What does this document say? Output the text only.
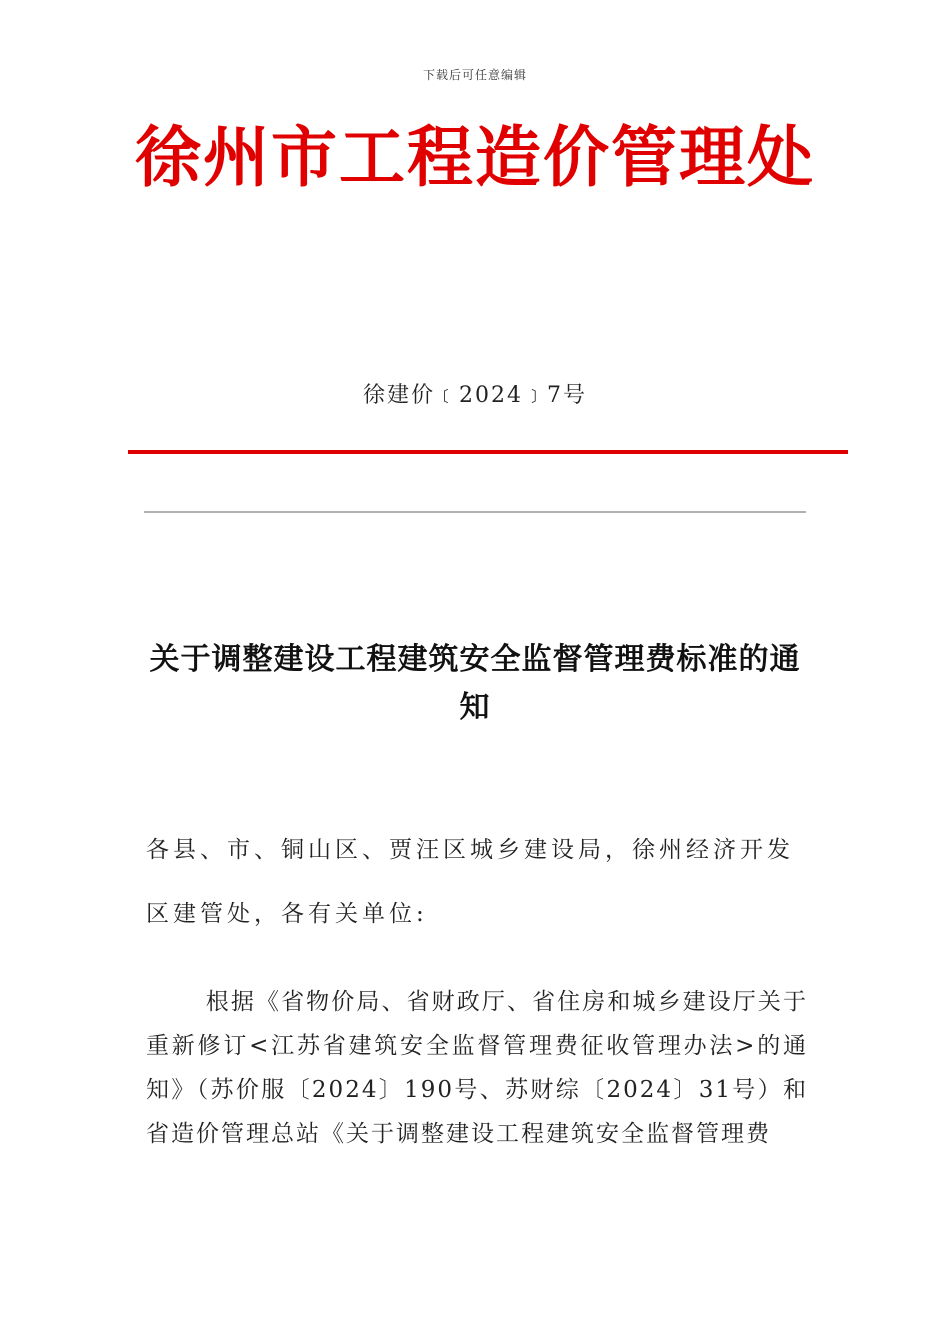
下载后可任意编辑
徐州市工程造价管理处
徐建价﹝2024﹞7号
关于调整建设工程建筑安全监督管理费标准的通知
各县、市、铜山区、贾汪区城乡建设局，徐州经济开发区建管处，各有关单位:
根据《省物价局、省财政厅、省住房和城乡建设厅关于重新修订<江苏省建筑安全监督管理费征收管理办法>的通知》（苏价服〔2024〕190号、苏财综〔2024〕31号）和省造价管理总站《关于调整建设工程建筑安全监督管理费
